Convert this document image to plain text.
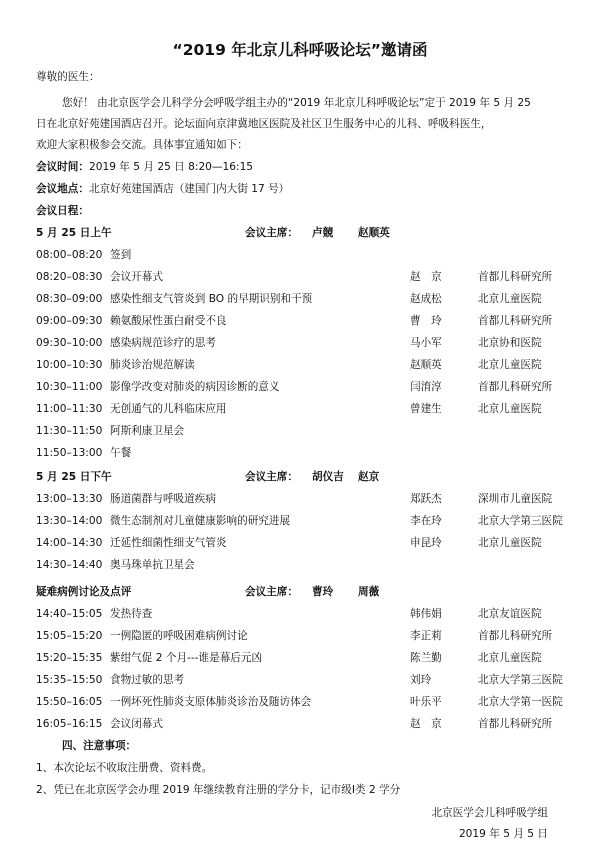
“2019 年北京儿科呼吸论坛”邀请函
尊敬的医生：
您好！ 由北京医学会儿科学分会呼吸学组主办的“2019 年北京儿科呼吸论坛”定于 2019 年 5 月 25
日在北京好苑建国酒店召开。论坛面向京津冀地区医院及社区卫生服务中心的儿科、呼吸科医生，
欢迎大家积极参会交流。具体事宜通知如下：
会议时间：2019 年 5 月 25 日 8:20—16:15
会议地点：北京好苑建国酒店（建国门内大街 17 号）
会议日程：
5 月 25 日上午	会议主席： 卢競 赵顺英
08:00–08:20 签到
08:20–08:30 会议开幕式	赵　京	首都儿科研究所
08:30–09:00 感染性细支气管炎到 BO 的早期识别和干预	赵成松	北京儿童医院
09:00–09:30 赖氨酸尿性蛋白耐受不良	曹　玲	首都儿科研究所
09:30–10:00 感染病规范诊疗的思考	马小军	北京协和医院
10:00–10:30 肺炎诊治规范解读	赵顺英	北京儿童医院
10:30–11:00 影像学改变对肺炎的病因诊断的意义	闫淯淳	首都儿科研究所
11:00–11:30 无创通气的儿科临床应用	曾建生	北京儿童医院
11:30–11:50 阿斯利康卫星会
11:50–13:00 午餐
5 月 25 日下午	会议主席： 胡仪吉 赵京
13:00–13:30 肠道菌群与呼吸道疾病	郑跃杰	深圳市儿童医院
13:30–14:00 微生态制剂对儿童健康影响的研究进展	李在玲	北京大学第三医院
14:00–14:30 迁延性细菌性细支气管炎	申昆玲	北京儿童医院
14:30–14:40 奥马珠单抗卫星会
疑难病例讨论及点评	会议主席： 曹玲 周薇
14:40–15:05 发热待查	韩伟娟	北京友谊医院
15:05–15:20 一例隐匿的呼吸困难病例讨论	李正莉	首都儿科研究所
15:20–15:35 紫绀气促 2 个月---谁是幕后元凶	陈兰勤	北京儿童医院
15:35–15:50 食物过敏的思考	刘玲	北京大学第三医院
15:50–16:05 一例坏死性肺炎支原体肺炎诊治及随访体会	叶乐平	北京大学第一医院
16:05–16:15 会议闭幕式	赵　京	首都儿科研究所
四、注意事项：
1、本次论坛不收取注册费、资料费。
2、凭已在北京医学会办理 2019 年继续教育注册的学分卡，记市级Ⅰ类 2 学分
北京医学会儿科呼吸学组
2019 年 5 月 5 日
